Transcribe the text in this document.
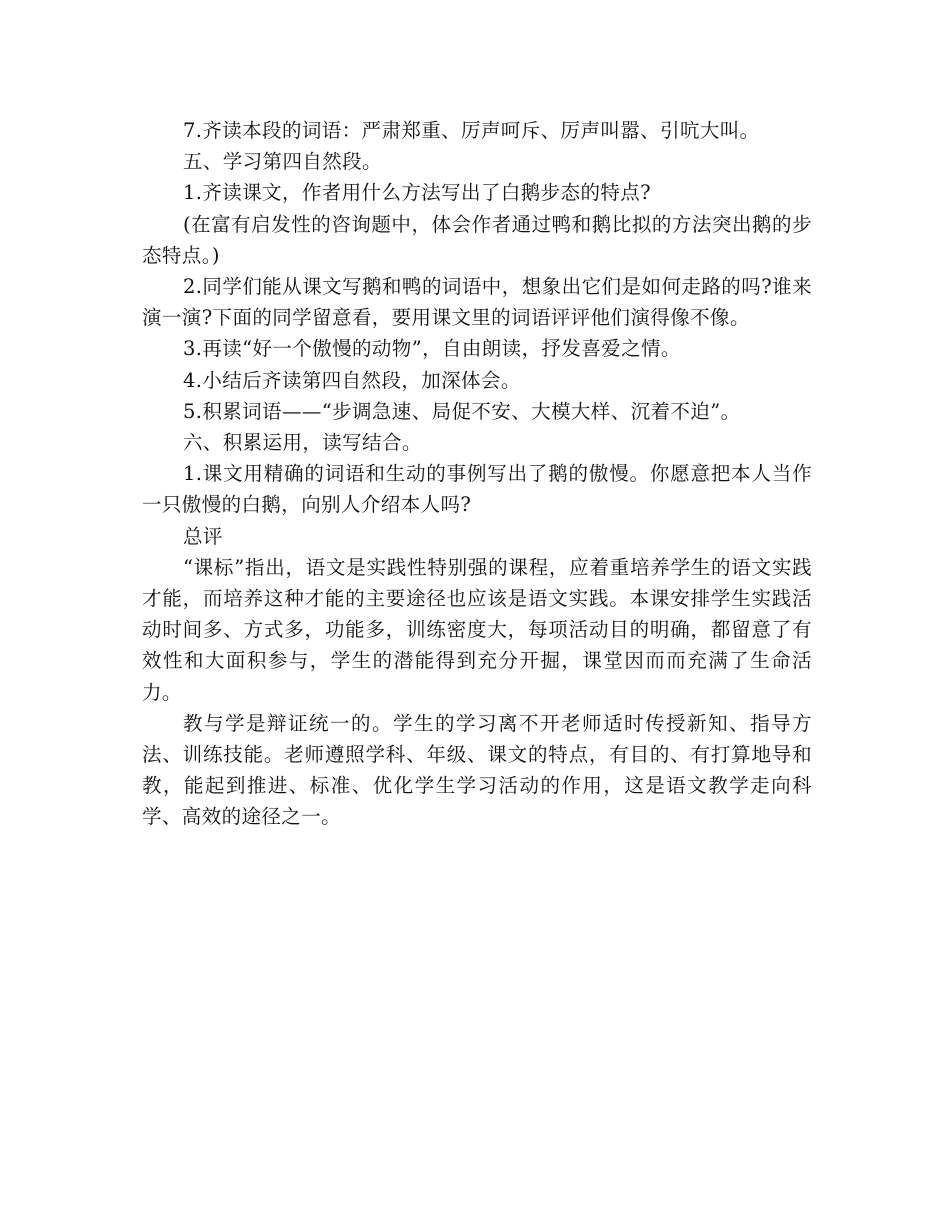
7.齐读本段的词语：严肃郑重、厉声呵斥、厉声叫嚣、引吭大叫。

五、学习第四自然段。

1.齐读课文，作者用什么方法写出了白鹅步态的特点?

(在富有启发性的咨询题中，体会作者通过鸭和鹅比拟的方法突出鹅的步态特点。)

2.同学们能从课文写鹅和鸭的词语中，想象出它们是如何走路的吗?谁来演一演?下面的同学留意看，要用课文里的词语评评他们演得像不像。

3.再读“好一个傲慢的动物”，自由朗读，抒发喜爱之情。

4.小结后齐读第四自然段，加深体会。

5.积累词语——“步调急速、局促不安、大模大样、沉着不迫”。

六、积累运用，读写结合。

1.课文用精确的词语和生动的事例写出了鹅的傲慢。你愿意把本人当作一只傲慢的白鹅，向别人介绍本人吗?

总评

“课标”指出，语文是实践性特别强的课程，应着重培养学生的语文实践才能，而培养这种才能的主要途径也应该是语文实践。本课安排学生实践活动时间多、方式多，功能多，训练密度大，每项活动目的明确，都留意了有效性和大面积参与，学生的潜能得到充分开掘，课堂因而而充满了生命活力。

教与学是辩证统一的。学生的学习离不开老师适时传授新知、指导方法、训练技能。老师遵照学科、年级、课文的特点，有目的、有打算地导和教，能起到推进、标准、优化学生学习活动的作用，这是语文教学走向科学、高效的途径之一。
